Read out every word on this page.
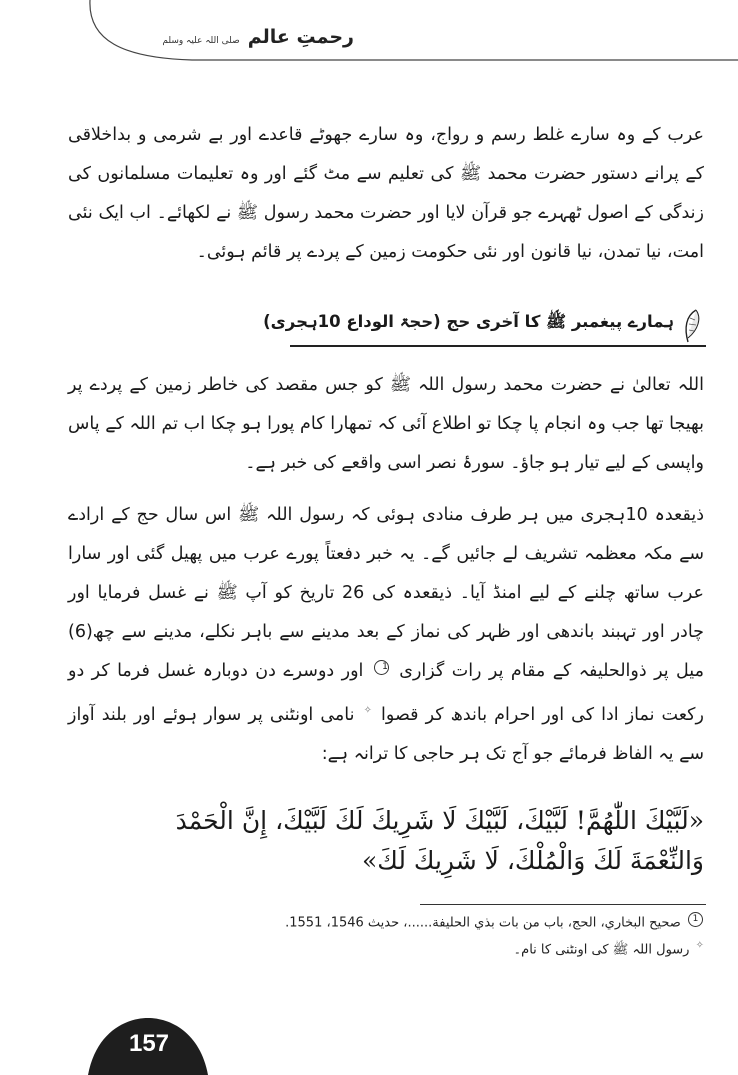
رحمتِ عالم
صلی اللہ علیہ وسلم

عرب کے وہ سارے غلط رسم و رواج، وہ سارے جھوٹے قاعدے اور بے شرمی و بداخلاقی کے پرانے دستور حضرت محمد ﷺ کی تعلیم سے مٹ گئے اور وہ تعلیمات مسلمانوں کی زندگی کے اصول ٹھہرے جو قرآن لایا اور حضرت محمد رسول ﷺ نے لکھائے۔ اب ایک نئی امت، نیا تمدن، نیا قانون اور نئی حکومت زمین کے پردے پر قائم ہوئی۔

ہمارے پیغمبر ﷺ کا آخری حج (حجۃ الوداع 10ہجری)

اللہ تعالیٰ نے حضرت محمد رسول اللہ ﷺ کو جس مقصد کی خاطر زمین کے پردے پر بھیجا تھا جب وہ انجام پا چکا تو اطلاع آئی کہ تمھارا کام پورا ہو چکا اب تم اللہ کے پاس واپسی کے لیے تیار ہو جاؤ۔ سورۂ نصر اسی واقعے کی خبر ہے۔

ذیقعدہ 10ہجری میں ہر طرف منادی ہوئی کہ رسول اللہ ﷺ اس سال حج کے ارادے سے مکہ معظمہ تشریف لے جائیں گے۔ یہ خبر دفعتاً پورے عرب میں پھیل گئی اور سارا عرب ساتھ چلنے کے لیے امنڈ آیا۔ ذیقعدہ کی 26 تاریخ کو آپ ﷺ نے غسل فرمایا اور چادر اور تہبند باندھی اور ظہر کی نماز کے بعد مدینے سے باہر نکلے، مدینے سے چھ(6) میل پر ذوالحلیفہ کے مقام پر رات گزاری 1 اور دوسرے دن دوبارہ غسل فرما کر دو رکعت نماز ادا کی اور احرام باندھ کر قصوا ✧ نامی اونٹنی پر سوار ہوئے اور بلند آواز سے یہ الفاظ فرمائے جو آج تک ہر حاجی کا ترانہ ہے:

«لَبَّيْكَ اللّٰهُمَّ! لَبَّيْكَ، لَبَّيْكَ لَا شَرِيكَ لَكَ لَبَّيْكَ، إِنَّ الْحَمْدَ
وَالنِّعْمَةَ لَكَ وَالْمُلْكَ، لَا شَرِيكَ لَكَ»
1 صحيح البخاري، الحج، باب من بات بذي الحليفة......، حديث 1546، 1551.
✧ رسول اللہ ﷺ کی اونٹنی کا نام۔
157
